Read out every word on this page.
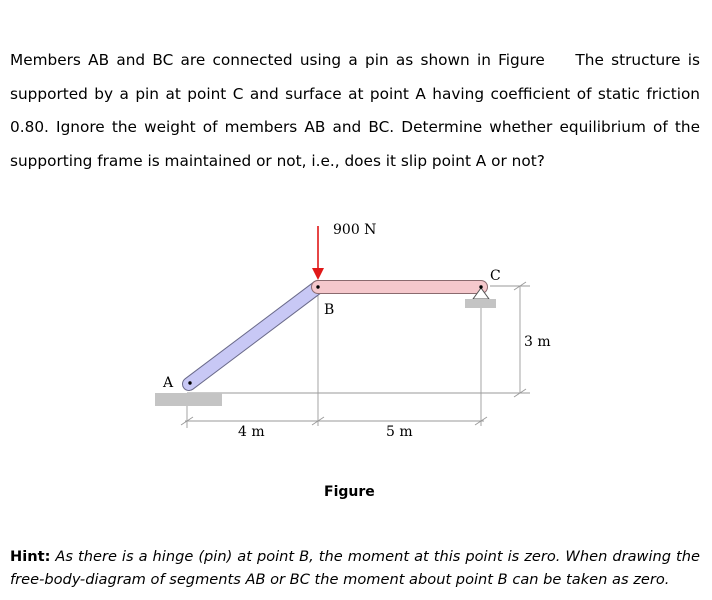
Members AB and BC are connected using a pin as shown in Figure  The structure is supported by a pin at point C and surface at point A having coefficient of static friction 0.80. Ignore the weight of members AB and BC. Determine whether equilibrium of the supporting frame is maintained or not, i.e., does it slip point A or not?
900 N
A
B
C
4 m	5 m
3 m
Figure
Hint: As there is a hinge (pin) at point B, the moment at this point is zero. When drawing the free-body-diagram of segments AB or BC the moment about point B can be taken as zero.
